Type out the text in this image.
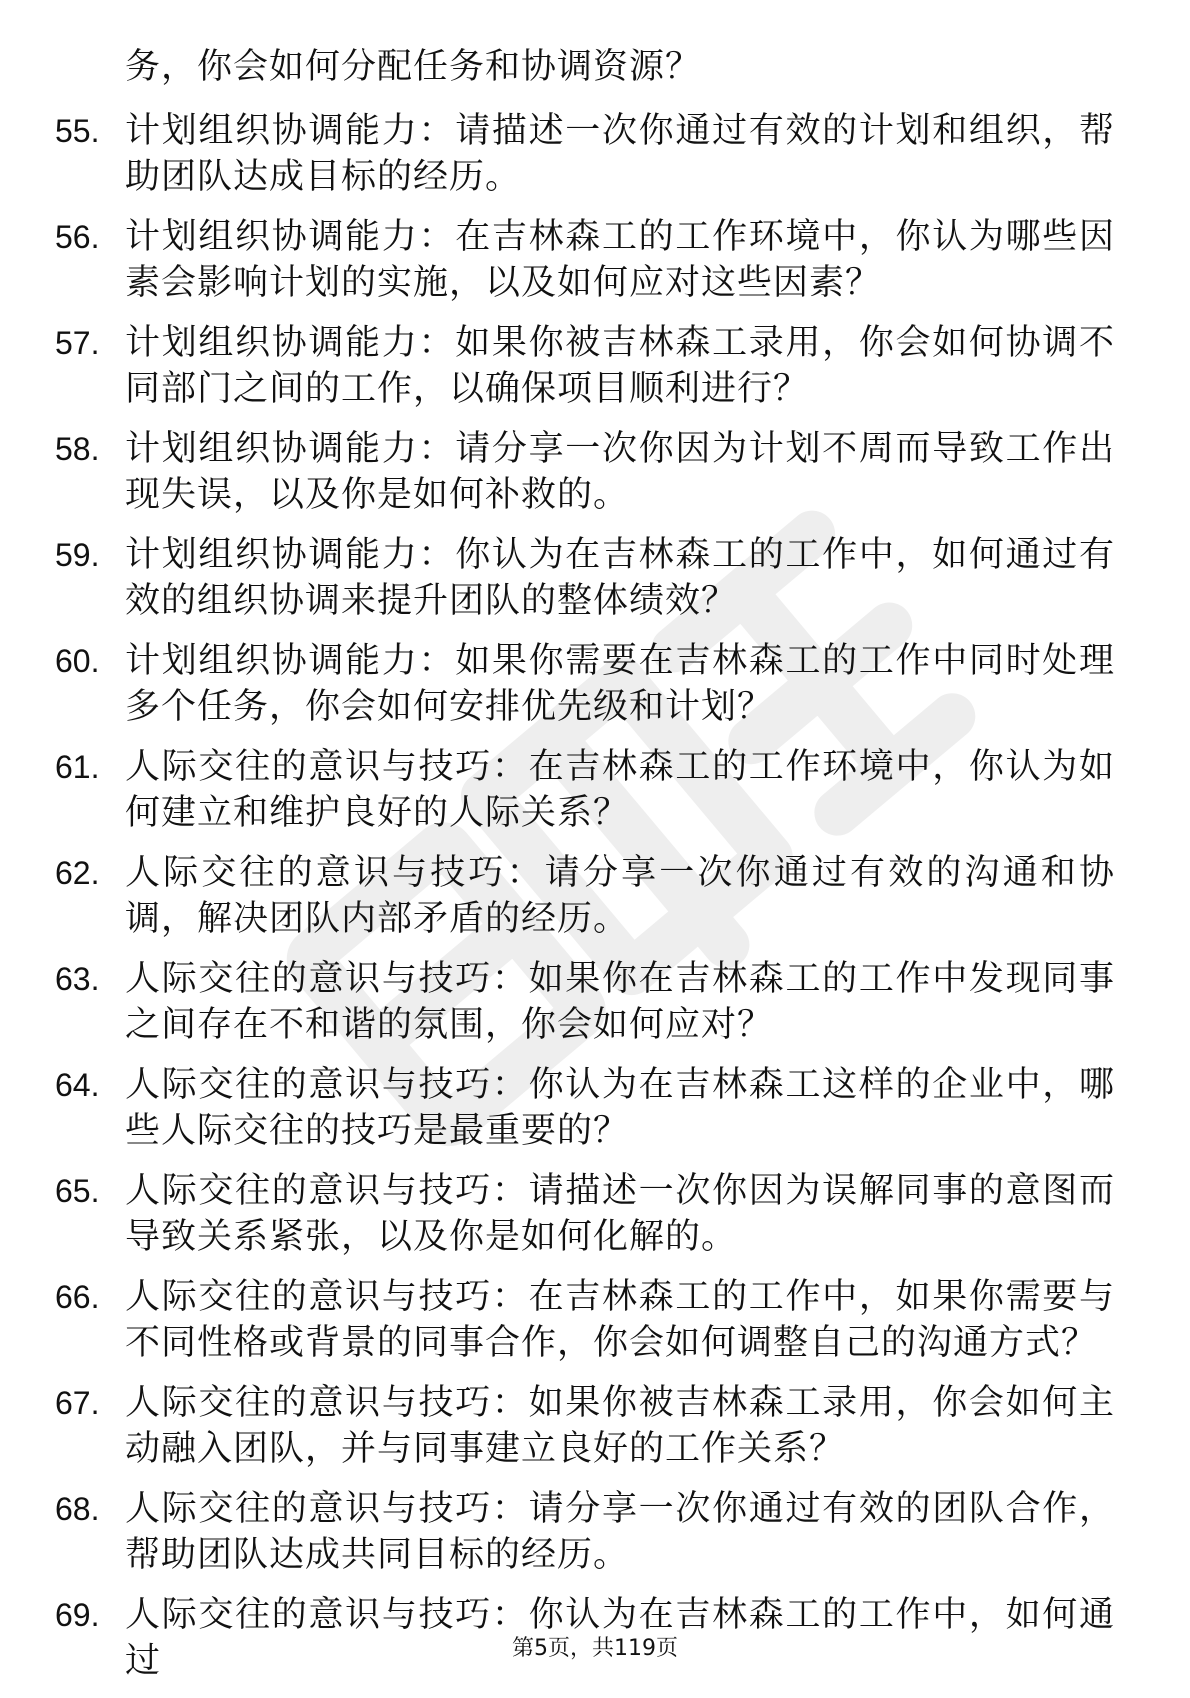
务，你会如何分配任务和协调资源？
55. 计划组织协调能力：请描述一次你通过有效的计划和组织，帮助团队达成目标的经历。
56. 计划组织协调能力：在吉林森工的工作环境中，你认为哪些因素会影响计划的实施，以及如何应对这些因素？
57. 计划组织协调能力：如果你被吉林森工录用，你会如何协调不同部门之间的工作，以确保项目顺利进行？
58. 计划组织协调能力：请分享一次你因为计划不周而导致工作出现失误，以及你是如何补救的。
59. 计划组织协调能力：你认为在吉林森工的工作中，如何通过有效的组织协调来提升团队的整体绩效？
60. 计划组织协调能力：如果你需要在吉林森工的工作中同时处理多个任务，你会如何安排优先级和计划？
61. 人际交往的意识与技巧：在吉林森工的工作环境中，你认为如何建立和维护良好的人际关系？
62. 人际交往的意识与技巧：请分享一次你通过有效的沟通和协调，解决团队内部矛盾的经历。
63. 人际交往的意识与技巧：如果你在吉林森工的工作中发现同事之间存在不和谐的氛围，你会如何应对？
64. 人际交往的意识与技巧：你认为在吉林森工这样的企业中，哪些人际交往的技巧是最重要的？
65. 人际交往的意识与技巧：请描述一次你因为误解同事的意图而导致关系紧张，以及你是如何化解的。
66. 人际交往的意识与技巧：在吉林森工的工作中，如果你需要与不同性格或背景的同事合作，你会如何调整自己的沟通方式？
67. 人际交往的意识与技巧：如果你被吉林森工录用，你会如何主动融入团队，并与同事建立良好的工作关系？
68. 人际交往的意识与技巧：请分享一次你通过有效的团队合作，帮助团队达成共同目标的经历。
69. 人际交往的意识与技巧：你认为在吉林森工的工作中，如何通过	第5页，共119页
